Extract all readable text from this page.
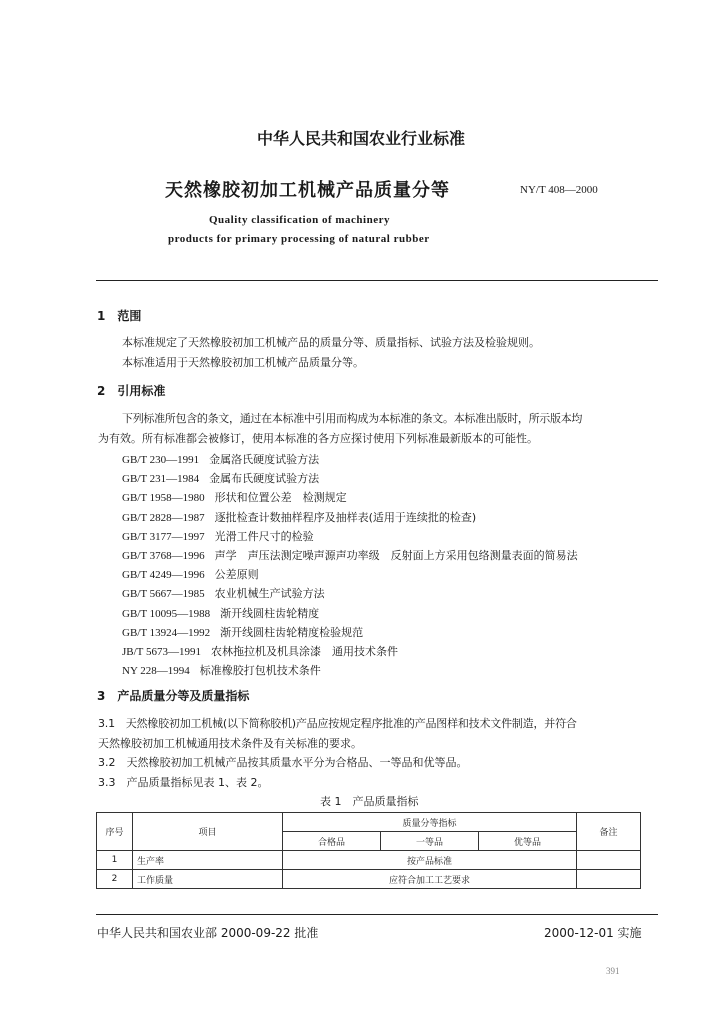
中华人民共和国农业行业标准
天然橡胶初加工机械产品质量分等	NY/T 408—2000
Quality classification of machinery
products for primary processing of natural rubber
1　范围
本标准规定了天然橡胶初加工机械产品的质量分等、质量指标、试验方法及检验规则。
本标准适用于天然橡胶初加工机械产品质量分等。
2　引用标准
下列标准所包含的条文，通过在本标准中引用而构成为本标准的条文。本标准出版时，所示版本均
为有效。所有标准都会被修订，使用本标准的各方应探讨使用下列标准最新版本的可能性。
GB/T 230—1991 金属洛氏硬度试验方法
GB/T 231—1984 金属布氏硬度试验方法
GB/T 1958—1980 形状和位置公差　检测规定
GB/T 2828—1987 逐批检查计数抽样程序及抽样表(适用于连续批的检查)
GB/T 3177—1997 光滑工件尺寸的检验
GB/T 3768—1996 声学　声压法测定噪声源声功率级　反射面上方采用包络测量表面的简易法
GB/T 4249—1996 公差原则
GB/T 5667—1985 农业机械生产试验方法
GB/T 10095—1988 渐开线圆柱齿轮精度
GB/T 13924—1992 渐开线圆柱齿轮精度检验规范
JB/T 5673—1991 农林拖拉机及机具涂漆　通用技术条件
NY 228—1994 标准橡胶打包机技术条件
3　产品质量分等及质量指标
3.1　天然橡胶初加工机械(以下简称胶机)产品应按规定程序批准的产品图样和技术文件制造，并符合
天然橡胶初加工机械通用技术条件及有关标准的要求。
3.2　天然橡胶初加工机械产品按其质量水平分为合格品、一等品和优等品。
3.3　产品质量指标见表 1、表 2。
表 1　产品质量指标
序号	项目	质量分等指标			备注
		合格品	一等品	优等品	
1	生产率	按产品标准			
2	工作质量	应符合加工工艺要求			
中华人民共和国农业部 2000-09-22 批准	2000-12-01 实施
391
